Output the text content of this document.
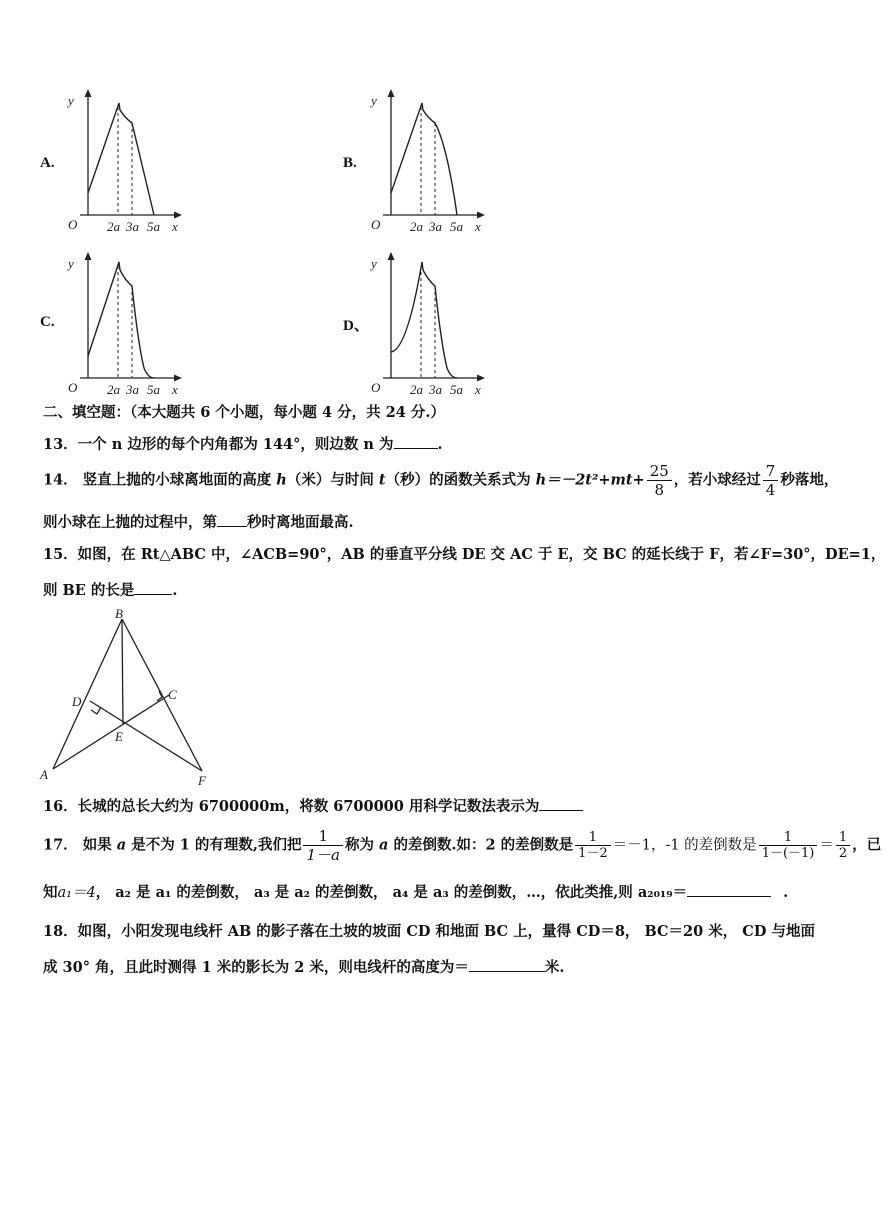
A.	B.
C.	D、
y
O 2a 3a 5a x
y
O 2a 3a 5a x
y
O 2a 3a 5a x
y
O 2a 3a 5a x
二、填空题：（本大题共 6 个小题，每小题 4 分，共 24 分.）
13．一个 n 边形的每个内角都为 144°，则边数 n 为	.
14． 竖直上抛的小球离地面的高度 h（米）与时间 t（秒）的函数关系式为 $h=-2t^2+mt+ \frac{25}{8}$ ，若小球经过 $\frac{7}{4}$ 秒落地，
则小球在上抛的过程中，第 秒时离地面最高.
15．如图，在 Rt△ABC 中，∠ACB=90°，AB 的垂直平分线 DE 交 AC 于 E，交 BC 的延长线于 F，若∠F=30°，DE=1，
则 BE 的长是	.
B
C
D
E
A	F
16．长城的总长大约为 6700000m，将数 6700000 用科学记数法表示为
17． 如果 a 是不为 1 的有理数,我们把 $\frac{1}{1-a}$ 称为 a 的差倒数.如：2 的差倒数是 $\frac{1}{1-2} =-1$，-1 的差倒数是 $\frac{1}{1-(-1)} = \frac{1}{2}$ ，已
知a₁＝4， a₂ 是 a₁ 的差倒数， a₃ 是 a₂ 的差倒数， a₄ 是 a₃ 的差倒数，…，依此类推,则 a₂₀₁₉＝	.
18．如图，小阳发现电线杆 AB 的影子落在土坡的坡面 CD 和地面 BC 上，量得 CD＝8， BC＝20 米， CD 与地面
成 30° 角，且此时测得 1 米的影长为 2 米，则电线杆的高度为＝	米.
